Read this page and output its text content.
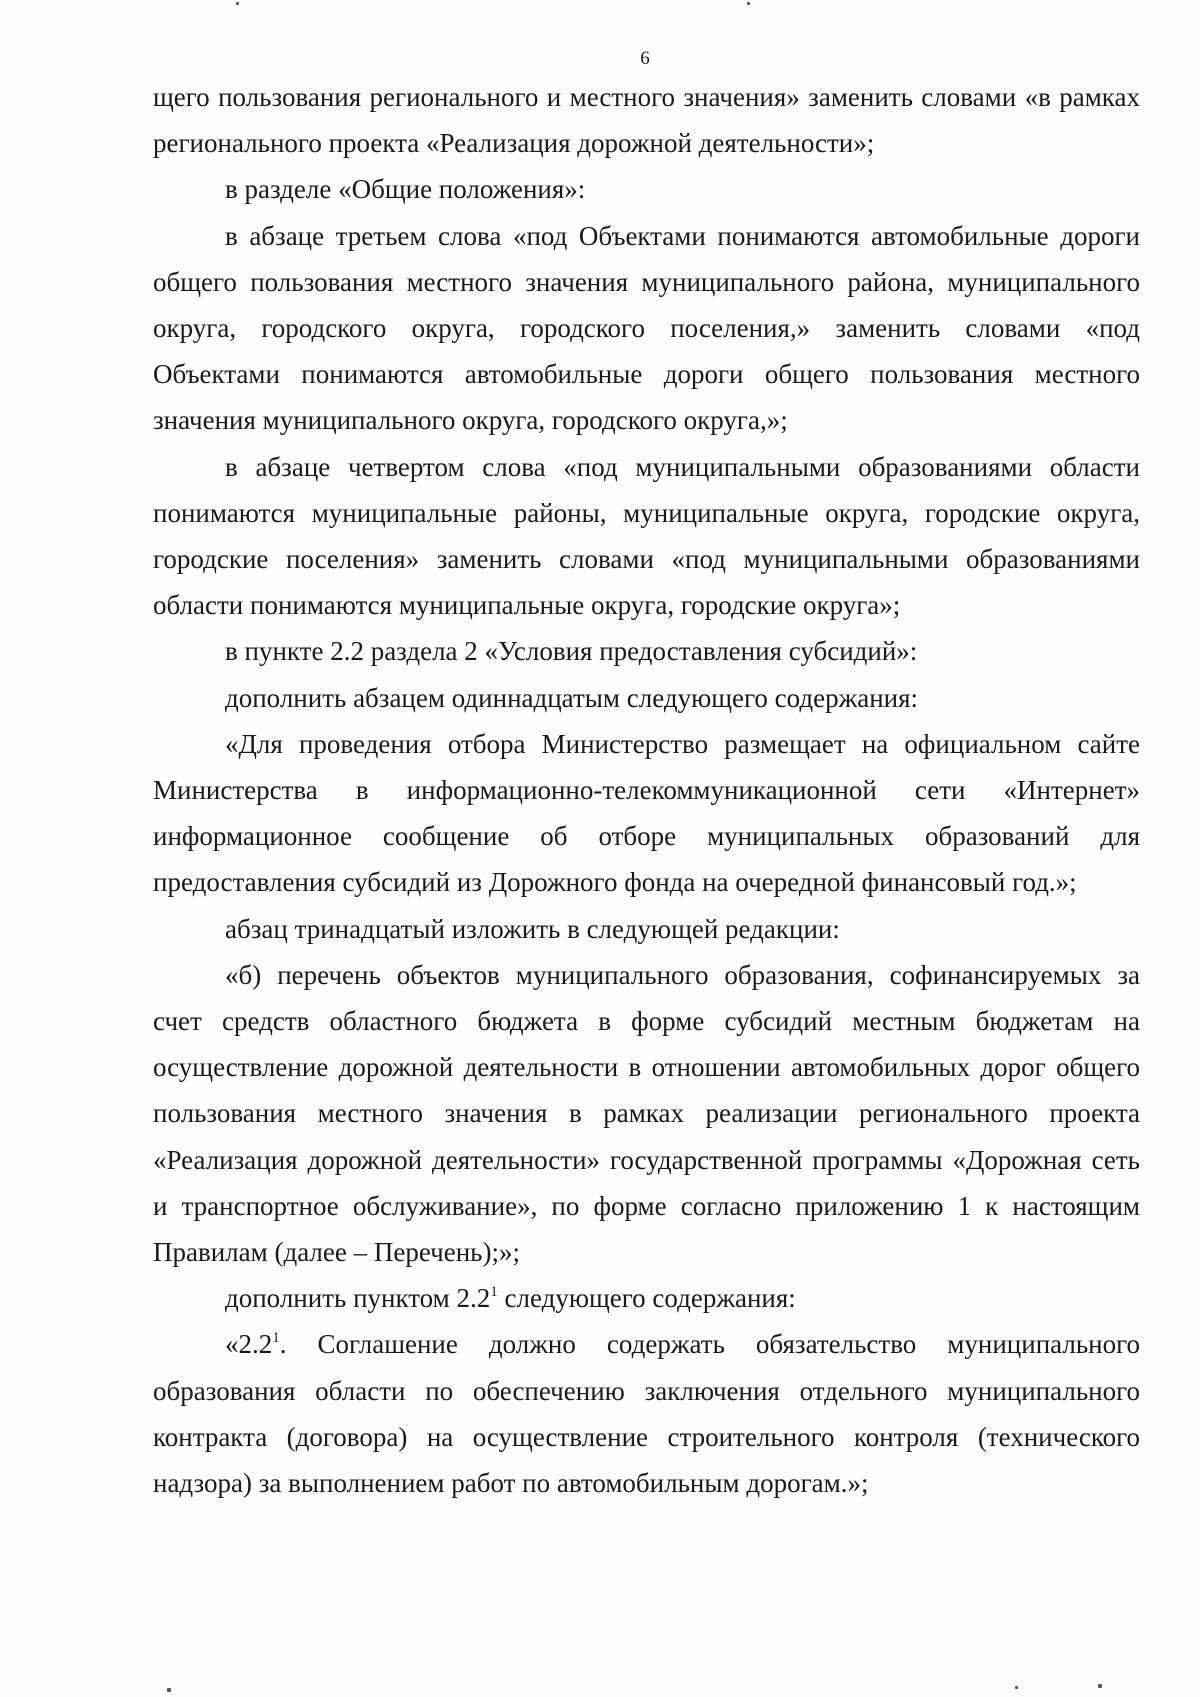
6

щего пользования регионального и местного значения» заменить словами «в рамках регионального проекта «Реализация дорожной деятельности»;

в разделе «Общие положения»:

в абзаце третьем слова «под Объектами понимаются автомобильные дороги общего пользования местного значения муниципального района, муниципального округа, городского округа, городского поселения,» заменить словами «под Объектами понимаются автомобильные дороги общего пользования местного значения муниципального округа, городского округа,»;

в абзаце четвертом слова «под муниципальными образованиями области понимаются муниципальные районы, муниципальные округа, городские округа, городские поселения» заменить словами «под муниципальными образованиями области понимаются муниципальные округа, городские округа»;

в пункте 2.2 раздела 2 «Условия предоставления субсидий»:

дополнить абзацем одиннадцатым следующего содержания:

«Для проведения отбора Министерство размещает на официальном сайте Министерства в информационно-телекоммуникационной сети «Интернет» информационное сообщение об отборе муниципальных образований для предоставления субсидий из Дорожного фонда на очередной финансовый год.»;

абзац тринадцатый изложить в следующей редакции:

«б) перечень объектов муниципального образования, софинансируемых за счет средств областного бюджета в форме субсидий местным бюджетам на осуществление дорожной деятельности в отношении автомобильных дорог общего пользования местного значения в рамках реализации регионального проекта «Реализация дорожной деятельности» государственной программы «Дорожная сеть и транспортное обслуживание», по форме согласно приложению 1 к настоящим Правилам (далее – Перечень);»;

дополнить пунктом $2.2^1$ следующего содержания:

«$2.2^1$. Соглашение должно содержать обязательство муниципального образования области по обеспечению заключения отдельного муниципального контракта (договора) на осуществление строительного контроля (технического надзора) за выполнением работ по автомобильным дорогам.»;
